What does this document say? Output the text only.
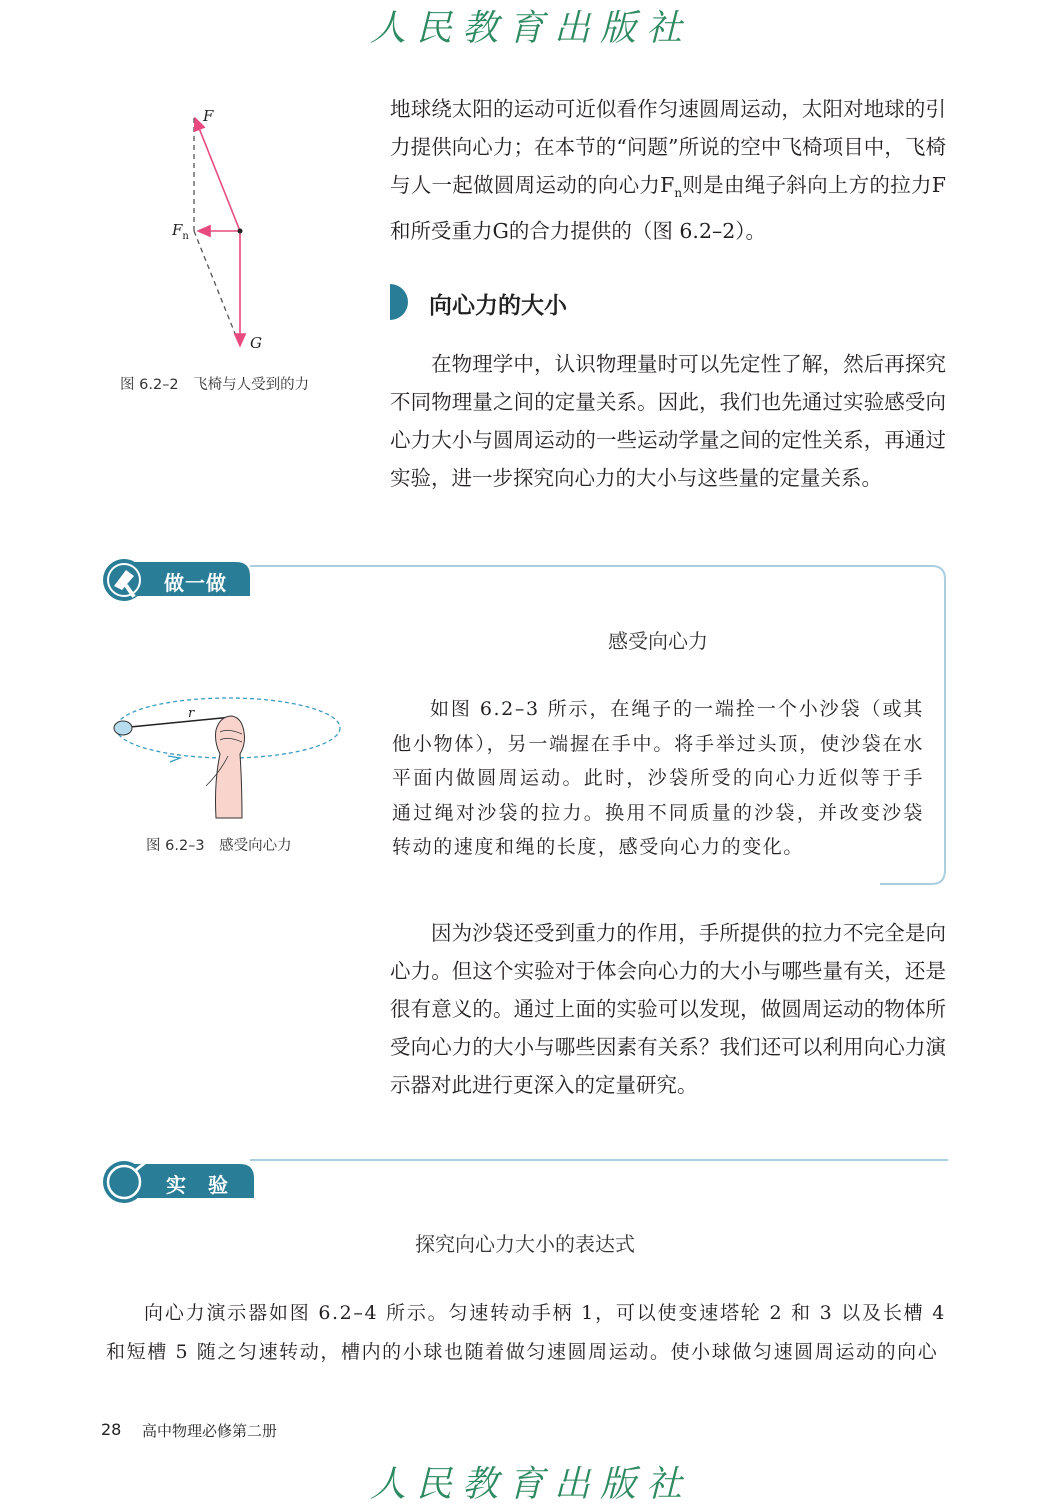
人民教育出版社
F
$F_n$
G
图 6.2–2　飞椅与人受到的力

地球绕太阳的运动可近似看作匀速圆周运动，太阳对地球的引力提供向心力；在本节的“问题”所说的空中飞椅项目中，飞椅与人一起做圆周运动的向心力$F_n$则是由绳子斜向上方的拉力F和所受重力G的合力提供的（图 6.2–2）。

向心力的大小

在物理学中，认识物理量时可以先定性了解，然后再探究不同物理量之间的定量关系。因此，我们也先通过实验感受向心力大小与圆周运动的一些运动学量之间的定性关系，再通过实验，进一步探究向心力的大小与这些量的定量关系。

做一做
感受向心力
r
图 6.2–3　感受向心力

如图 6.2–3 所示，在绳子的一端拴一个小沙袋（或其他小物体），另一端握在手中。将手举过头顶，使沙袋在水平面内做圆周运动。此时，沙袋所受的向心力近似等于手通过绳对沙袋的拉力。换用不同质量的沙袋，并改变沙袋转动的速度和绳的长度，感受向心力的变化。

因为沙袋还受到重力的作用，手所提供的拉力不完全是向心力。但这个实验对于体会向心力的大小与哪些量有关，还是很有意义的。通过上面的实验可以发现，做圆周运动的物体所受向心力的大小与哪些因素有关系？我们还可以利用向心力演示器对此进行更深入的定量研究。

实　验
探究向心力大小的表达式

向心力演示器如图 6.2–4 所示。匀速转动手柄 1，可以使变速塔轮 2 和 3 以及长槽 4 和短槽 5 随之匀速转动，槽内的小球也随着做匀速圆周运动。使小球做匀速圆周运动的向心

28 高中物理必修第二册
人民教育出版社
